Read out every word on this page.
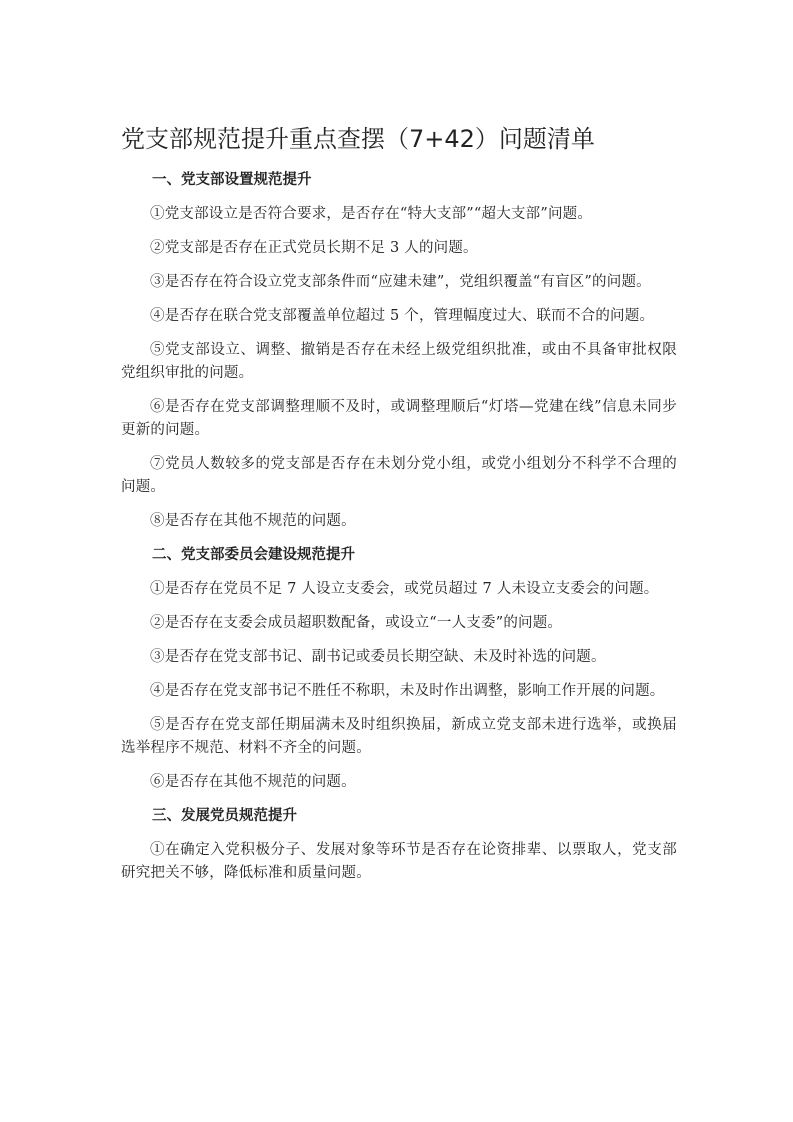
党支部规范提升重点查摆（7+42）问题清单

一、党支部设置规范提升

①党支部设立是否符合要求，是否存在“特大支部”“超大支部”问题。

②党支部是否存在正式党员长期不足 3 人的问题。

③是否存在符合设立党支部条件而“应建未建”，党组织覆盖“有盲区”的问题。

④是否存在联合党支部覆盖单位超过 5 个，管理幅度过大、联而不合的问题。

⑤党支部设立、调整、撤销是否存在未经上级党组织批准，或由不具备审批权限党组织审批的问题。

⑥是否存在党支部调整理顺不及时，或调整理顺后“灯塔—党建在线”信息未同步更新的问题。

⑦党员人数较多的党支部是否存在未划分党小组，或党小组划分不科学不合理的问题。

⑧是否存在其他不规范的问题。

二、党支部委员会建设规范提升

①是否存在党员不足 7 人设立支委会，或党员超过 7 人未设立支委会的问题。

②是否存在支委会成员超职数配备，或设立“一人支委”的问题。

③是否存在党支部书记、副书记或委员长期空缺、未及时补选的问题。

④是否存在党支部书记不胜任不称职，未及时作出调整，影响工作开展的问题。

⑤是否存在党支部任期届满未及时组织换届，新成立党支部未进行选举，或换届选举程序不规范、材料不齐全的问题。

⑥是否存在其他不规范的问题。

三、发展党员规范提升

①在确定入党积极分子、发展对象等环节是否存在论资排辈、以票取人，党支部研究把关不够，降低标准和质量问题。
